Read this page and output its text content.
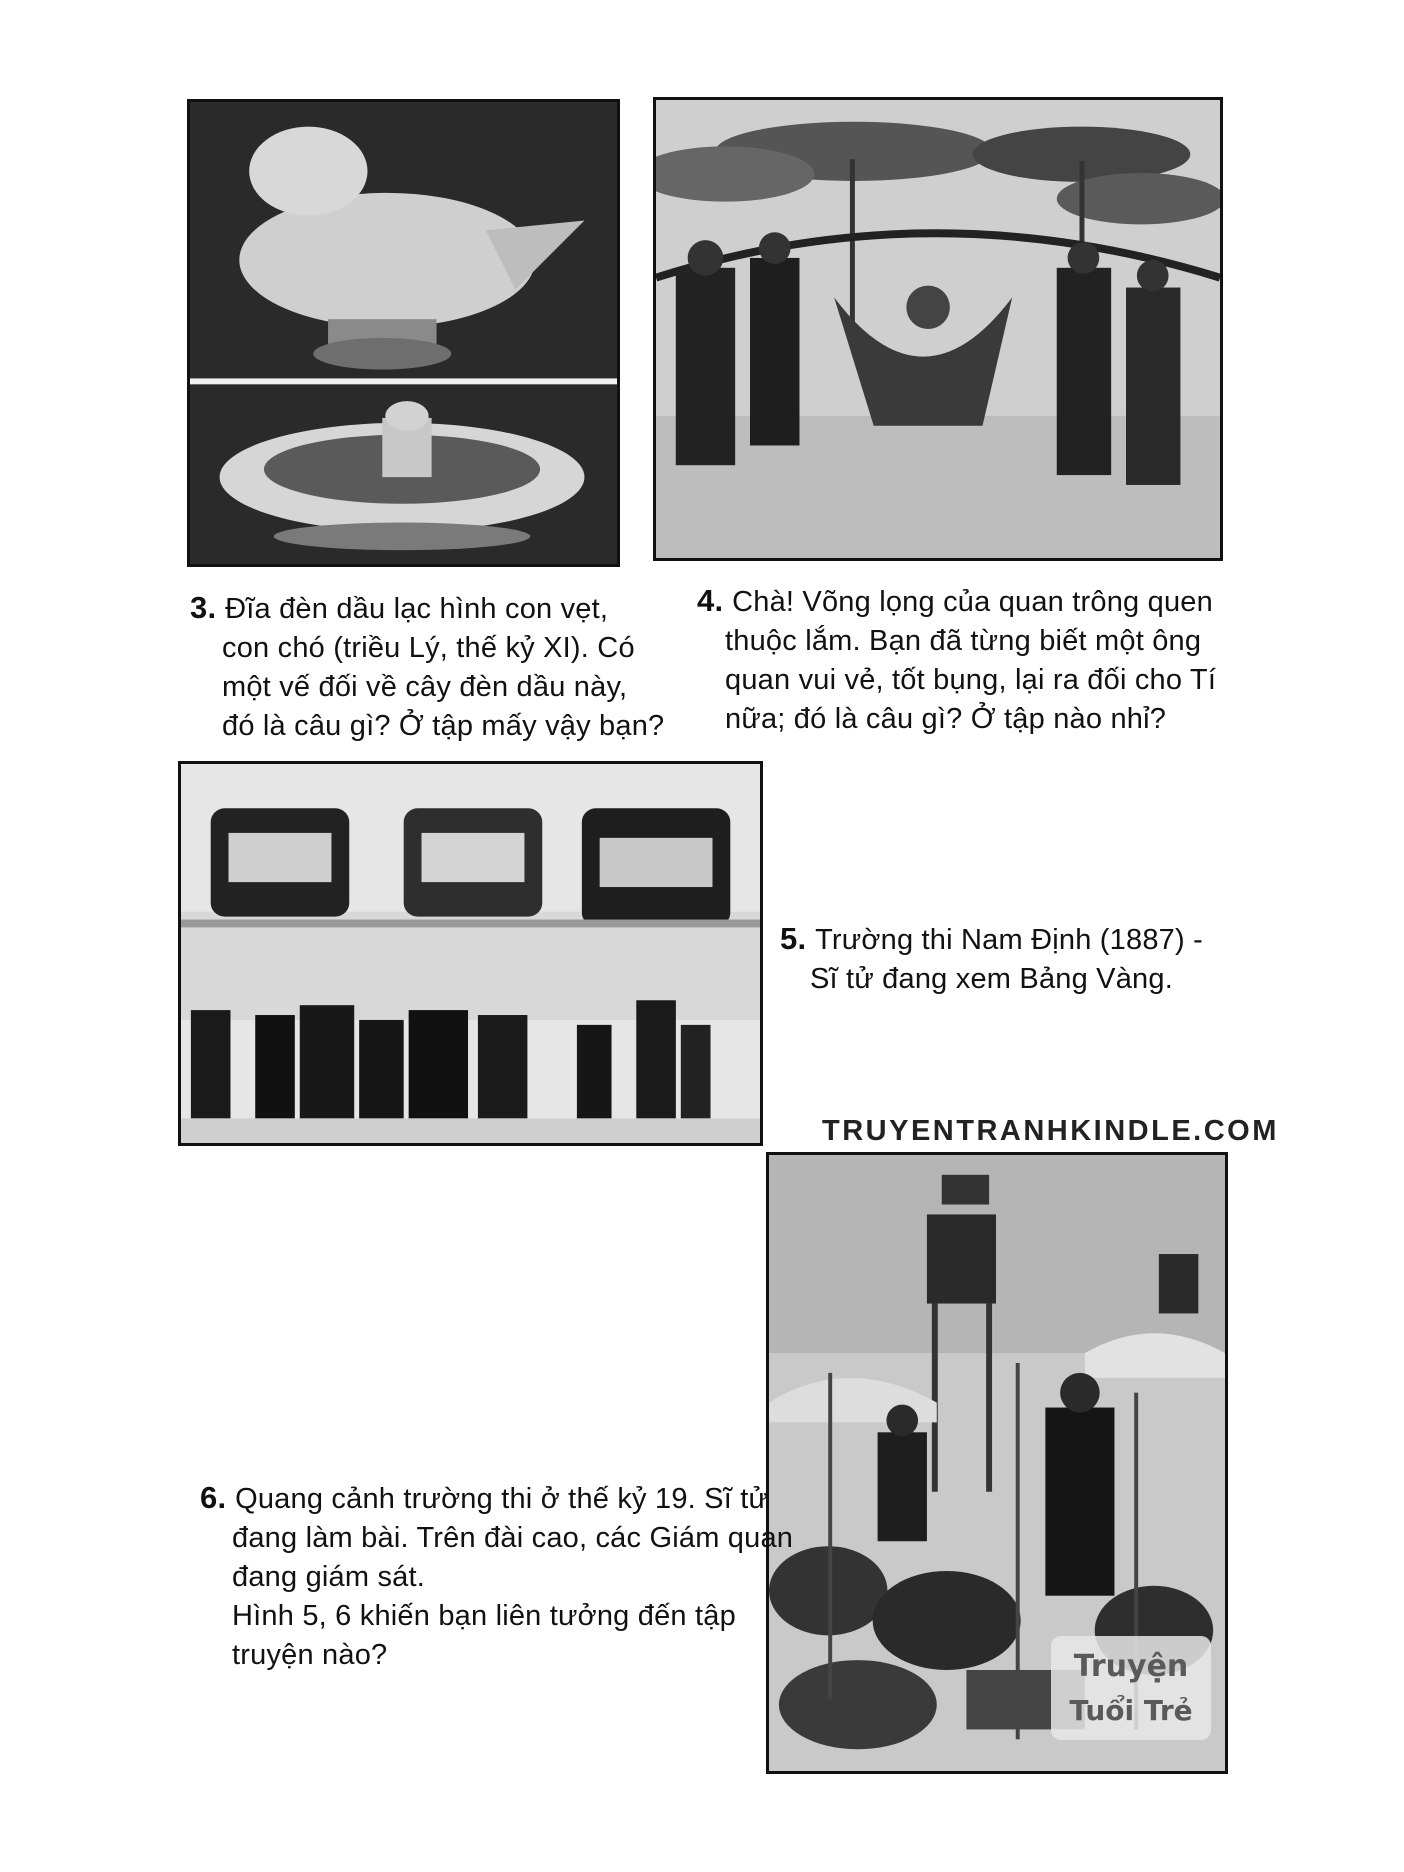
3. Đĩa đèn dầu lạc hình con vẹt,
con chó (triều Lý, thế kỷ XI). Có
một vế đối về cây đèn dầu này,
đó là câu gì? Ở tập mấy vậy bạn?
4. Chà! Võng lọng của quan trông quen
thuộc lắm. Bạn đã từng biết một ông
quan vui vẻ, tốt bụng, lại ra đối cho Tí
nữa; đó là câu gì? Ở tập nào nhỉ?
5. Trường thi Nam Định (1887) -
Sĩ tử đang xem Bảng Vàng.
TRUYENTRANHKINDLE.COM
Truyện
Tuổi Trẻ
6. Quang cảnh trường thi ở thế kỷ 19. Sĩ tử
đang làm bài. Trên đài cao, các Giám quan
đang giám sát.
Hình 5, 6 khiến bạn liên tưởng đến tập
truyện nào?
